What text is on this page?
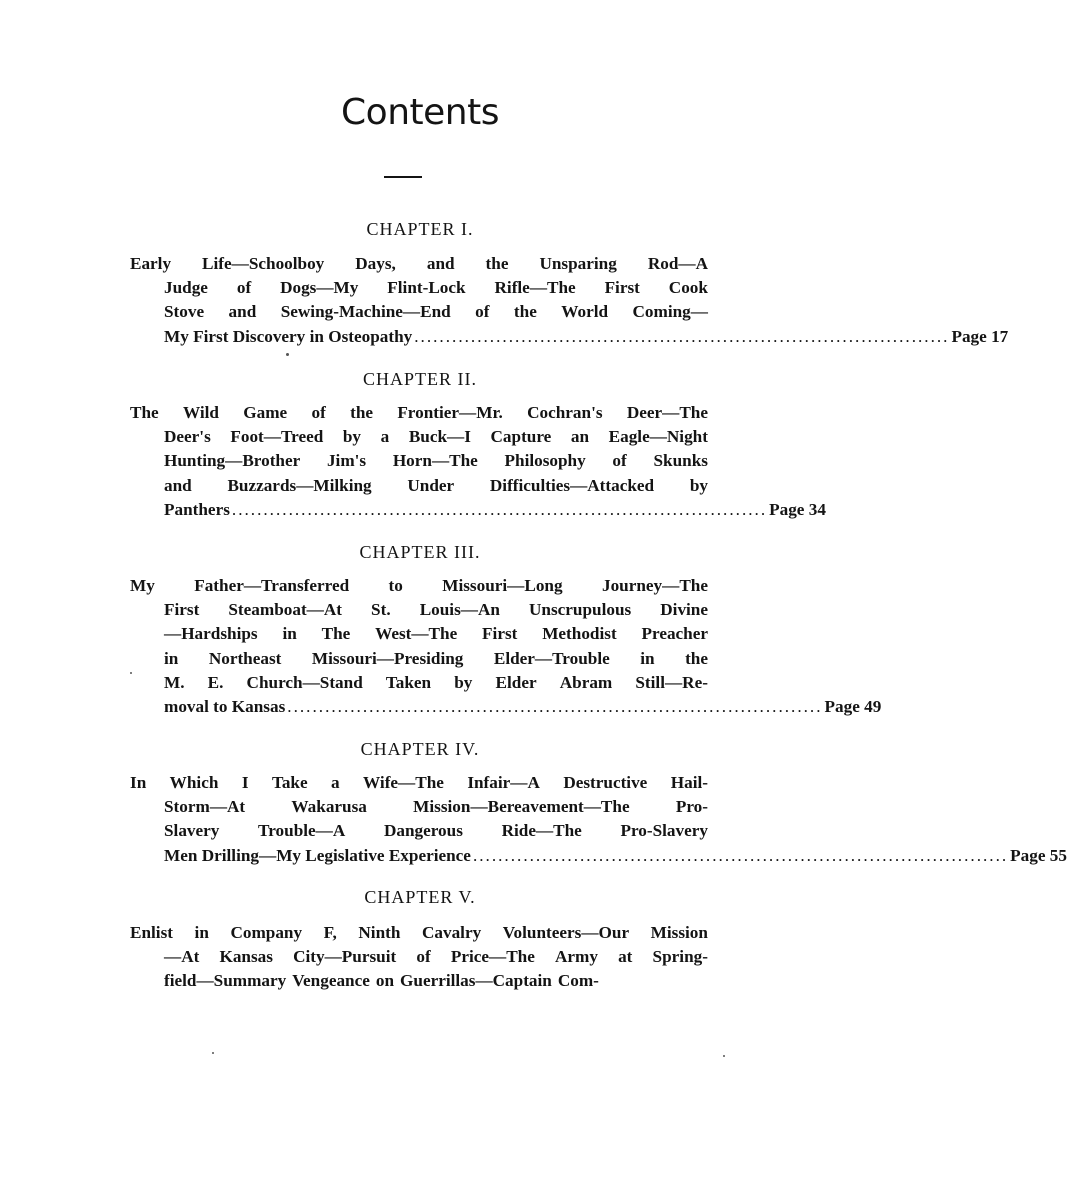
Contents
CHAPTER I.
Early Life—Schoolboy Days, and the Unsparing Rod—A
Judge of Dogs—My Flint-Lock Rifle—The First Cook
Stove and Sewing-Machine—End of the World Coming—
My First Discovery in Osteopathy ..................................................................................... Page 17
CHAPTER II.
The Wild Game of the Frontier—Mr. Cochran's Deer—The
Deer's Foot—Treed by a Buck—I Capture an Eagle—Night
Hunting—Brother Jim's Horn—The Philosophy of Skunks
and Buzzards—Milking Under Difficulties—Attacked by
Panthers ..................................................................................... Page 34
CHAPTER III.
My Father—Transferred to Missouri—Long Journey—The
First Steamboat—At St. Louis—An Unscrupulous Divine
—Hardships in The West—The First Methodist Preacher
in Northeast Missouri—Presiding Elder—Trouble in the
M. E. Church—Stand Taken by Elder Abram Still—Re-
moval to Kansas ..................................................................................... Page 49
CHAPTER IV.
In Which I Take a Wife—The Infair—A Destructive Hail-
Storm—At	Wakarusa	Mission—Bereavement—The	Pro-
Slavery Trouble—A Dangerous Ride—The Pro-Slavery
Men Drilling—My Legislative Experience ..................................................................................... Page 55
CHAPTER V.
Enlist in Company F, Ninth Cavalry Volunteers—Our Mission
—At Kansas City—Pursuit of Price—The Army at Spring-
field—Summary Vengeance on Guerrillas—Captain Com-
